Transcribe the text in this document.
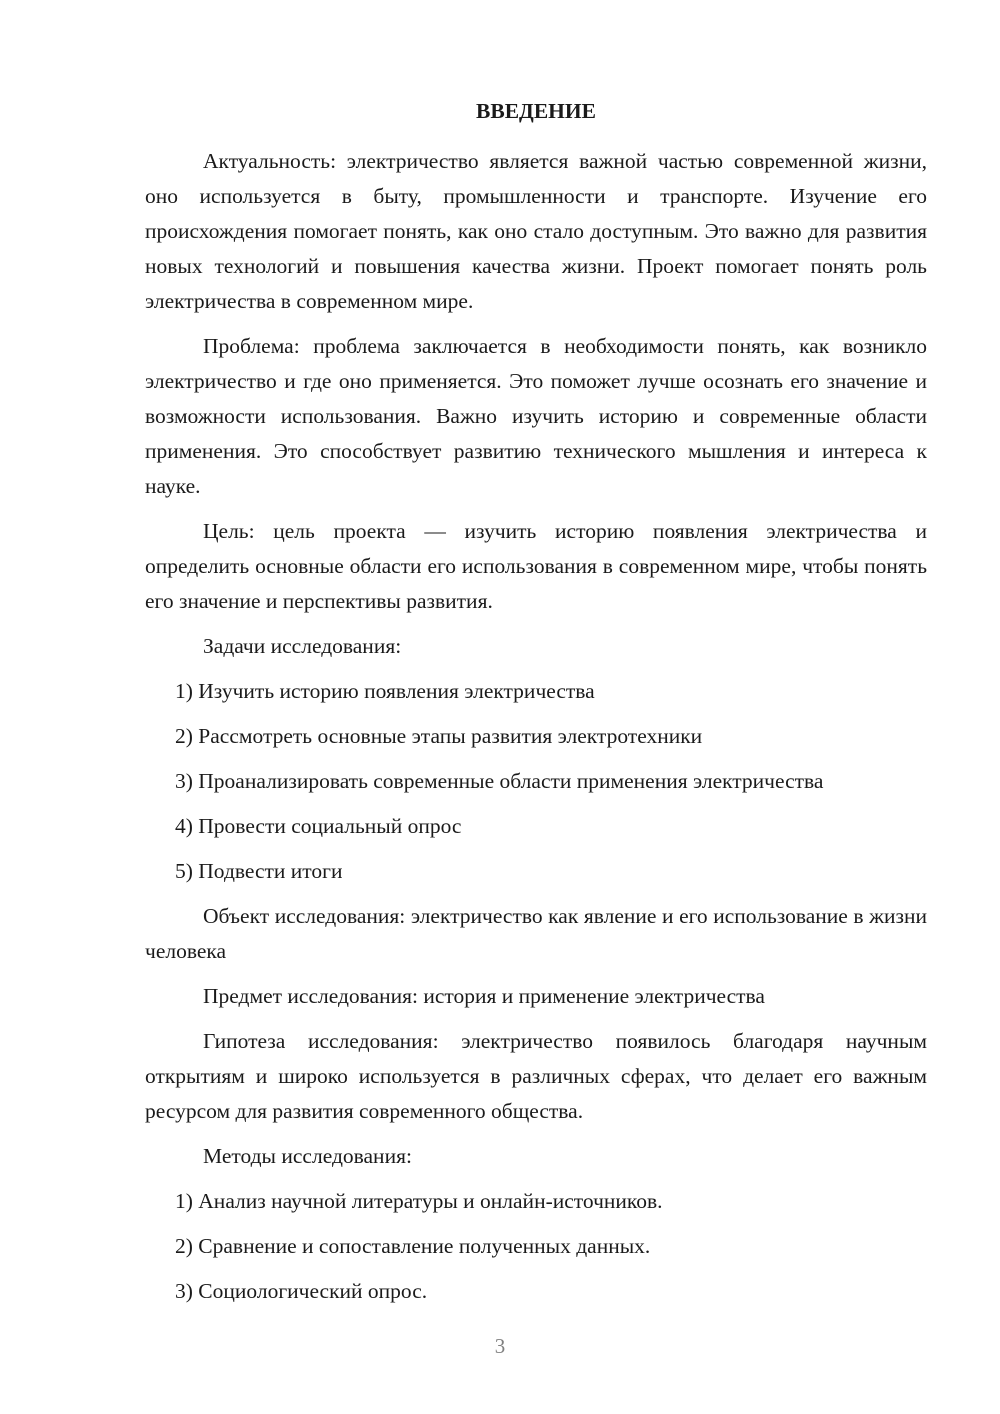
ВВЕДЕНИЕ

Актуальность: электричество является важной частью современной жизни, оно используется в быту, промышленности и транспорте. Изучение его происхождения помогает понять, как оно стало доступным. Это важно для развития новых технологий и повышения качества жизни. Проект помогает понять роль электричества в современном мире.

Проблема: проблема заключается в необходимости понять, как возникло электричество и где оно применяется. Это поможет лучше осознать его значение и возможности использования. Важно изучить историю и современные области применения. Это способствует развитию технического мышления и интереса к науке.

Цель: цель проекта — изучить историю появления электричества и определить основные области его использования в современном мире, чтобы понять его значение и перспективы развития.

Задачи исследования:

1) Изучить историю появления электричества
2) Рассмотреть основные этапы развития электротехники
3) Проанализировать современные области применения электричества
4) Провести социальный опрос
5) Подвести итоги

Объект исследования: электричество как явление и его использование в жизни человека

Предмет исследования: история и применение электричества

Гипотеза исследования: электричество появилось благодаря научным открытиям и широко используется в различных сферах, что делает его важным ресурсом для развития современного общества.

Методы исследования:

1) Анализ научной литературы и онлайн-источников.
2) Сравнение и сопоставление полученных данных.
3) Социологический опрос.
3
